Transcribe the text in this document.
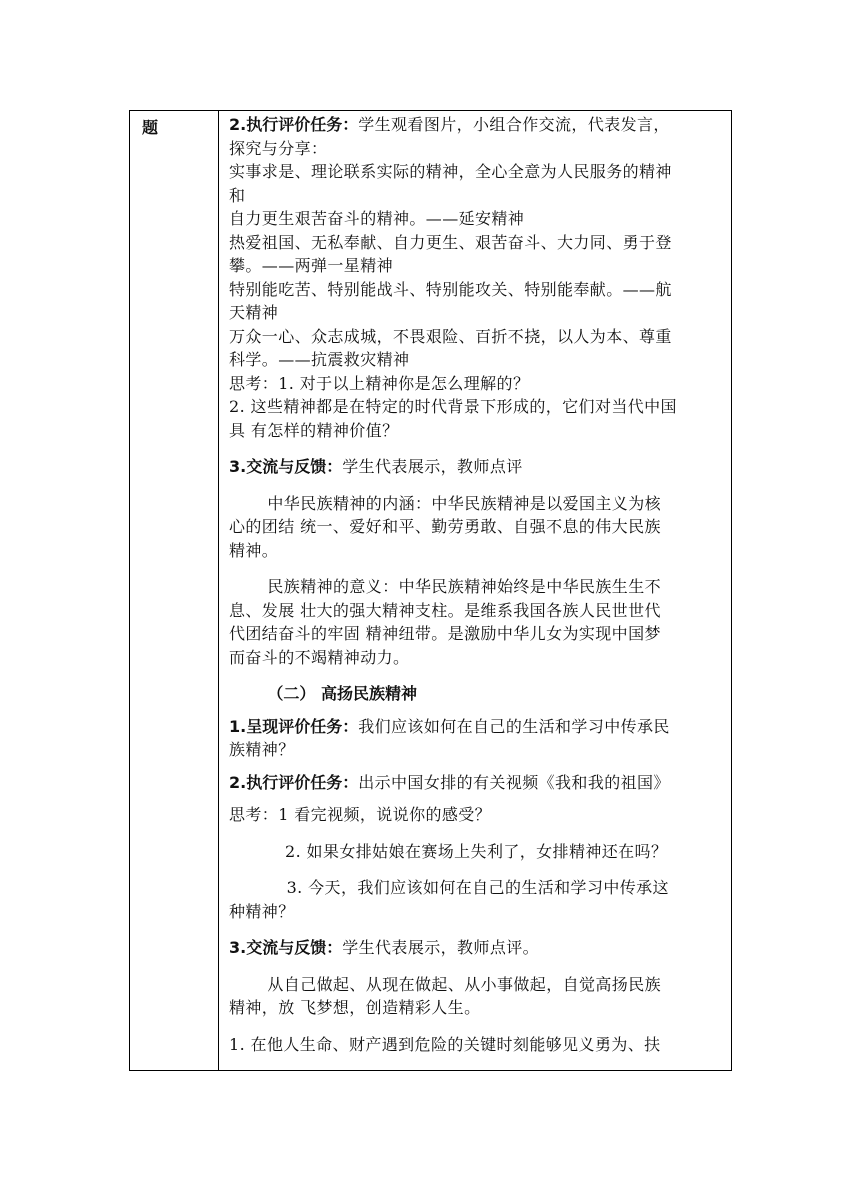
题	2.执行评价任务：学生观看图片，小组合作交流，代表发言，

探究与分享：

实事求是、理论联系实际的精神，全心全意为人民服务的精神

和

自力更生艰苦奋斗的精神。——延安精神

热爱祖国、无私奉献、自力更生、艰苦奋斗、大力同、勇于登

攀。——两弹一星精神

特别能吃苦、特别能战斗、特别能攻关、特别能奉献。——航

天精神

万众一心、众志成城，不畏艰险、百折不挠，以人为本、尊重

科学。——抗震救灾精神

思考：1. 对于以上精神你是怎么理解的？

2. 这些精神都是在特定的时代背景下形成的，它们对当代中国

具 有怎样的精神价值？

3.交流与反馈：学生代表展示，教师点评

中华民族精神的内涵：中华民族精神是以爱国主义为核

心的团结 统一、爱好和平、勤劳勇敢、自强不息的伟大民族

精神。

民族精神的意义：中华民族精神始终是中华民族生生不

息、发展 壮大的强大精神支柱。是维系我国各族人民世世代

代团结奋斗的牢固 精神纽带。是激励中华儿女为实现中国梦

而奋斗的不竭精神动力。

（二） 高扬民族精神

1.呈现评价任务：我们应该如何在自己的生活和学习中传承民

族精神？

2.执行评价任务：出示中国女排的有关视频《我和我的祖国》

思考：1 看完视频，说说你的感受？

2. 如果女排姑娘在赛场上失利了，女排精神还在吗？

3. 今天，我们应该如何在自己的生活和学习中传承这

种精神？

3.交流与反馈：学生代表展示，教师点评。

从自己做起、从现在做起、从小事做起，自觉高扬民族

精神，放 飞梦想，创造精彩人生。

1. 在他人生命、财产遇到危险的关键时刻能够见义勇为、扶
